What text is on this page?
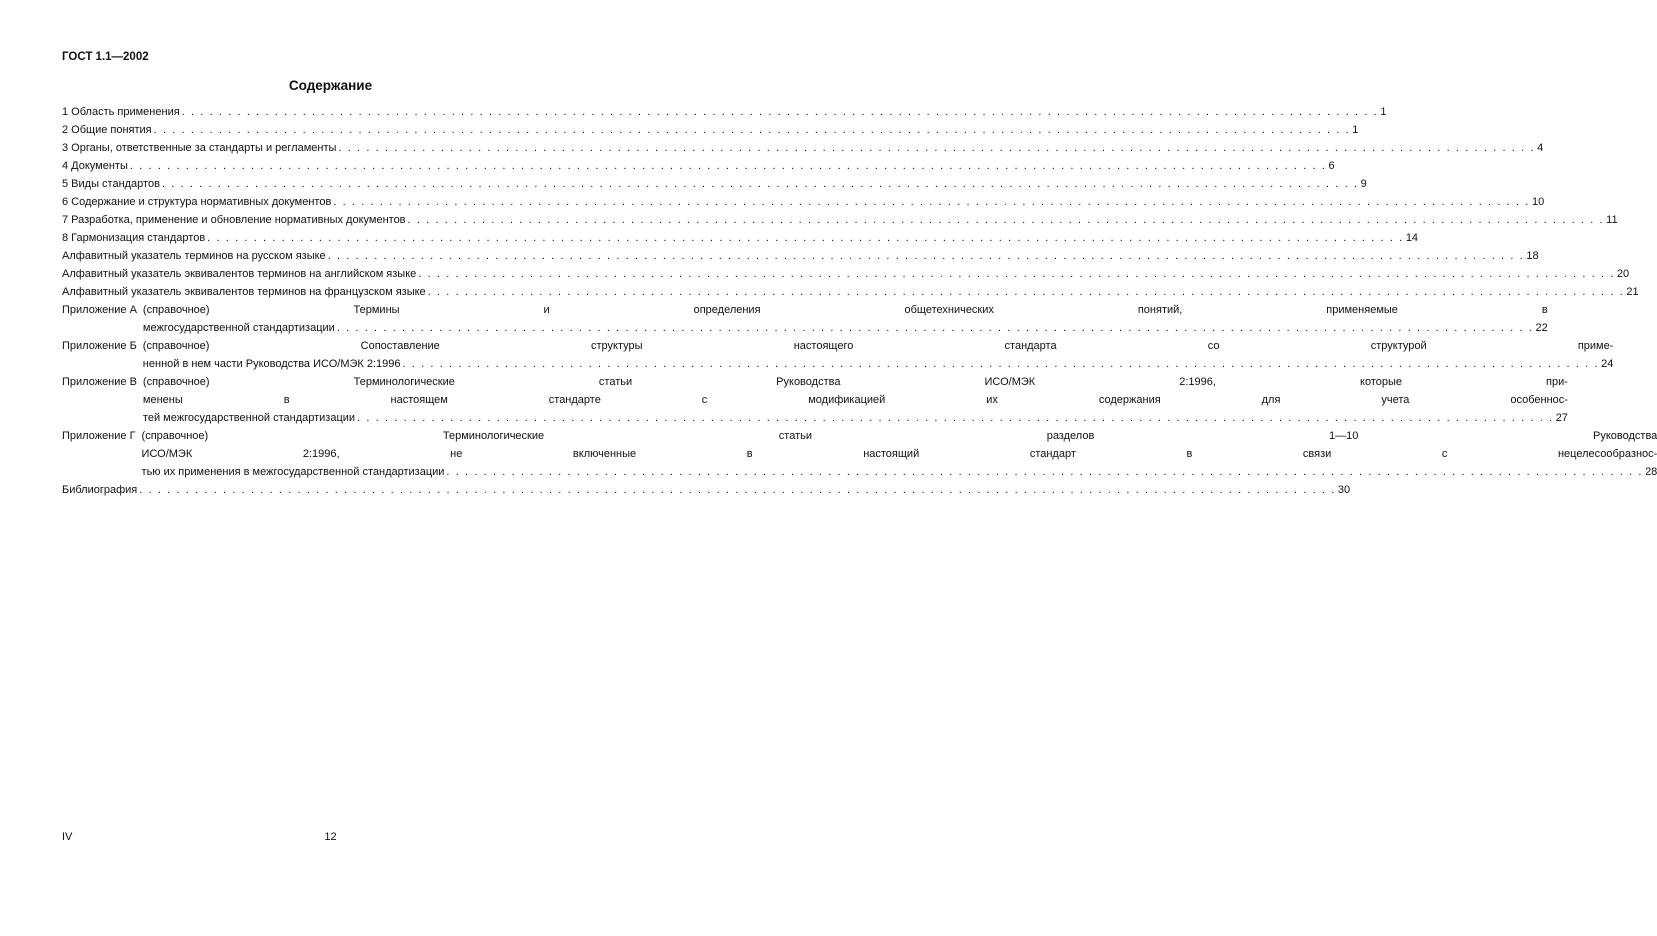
ГОСТ 1.1—2002
Содержание
1 Область применения . . .	1
2 Общие понятия . . .	1
3 Органы, ответственные за стандарты и регламенты . . .	4
4 Документы . . .	6
5 Виды стандартов . . .	9
6 Содержание и структура нормативных документов . . .	10
7 Разработка, применение и обновление нормативных документов . . .	11
8 Гармонизация стандартов . . .	14
Алфавитный указатель терминов на русском языке . . .	18
Алфавитный указатель эквивалентов терминов на английском языке . . .	20
Алфавитный указатель эквивалентов терминов на французском языке . . .	21
Приложение А (справочное) Термины и определения общетехнических понятий, применяемые в
межгосударственной стандартизации . . .	22
Приложение Б (справочное) Сопоставление структуры настоящего стандарта со структурой приме-
ненной в нем части Руководства ИСО/МЭК 2:1996 . . .	24
Приложение В (справочное) Терминологические статьи Руководства ИСО/МЭК 2:1996, которые при-
менены в настоящем стандарте с модификацией их содержания для учета особеннос-
тей межгосударственной стандартизации . . .	27
Приложение Г (справочное) Терминологические статьи разделов 1—10 Руководства
ИСО/МЭК 2:1996, не включенные в настоящий стандарт в связи с нецелесообразнос-
тью их применения в межгосударственной стандартизации . . .	28
Библиография . . .	30
IV	12
